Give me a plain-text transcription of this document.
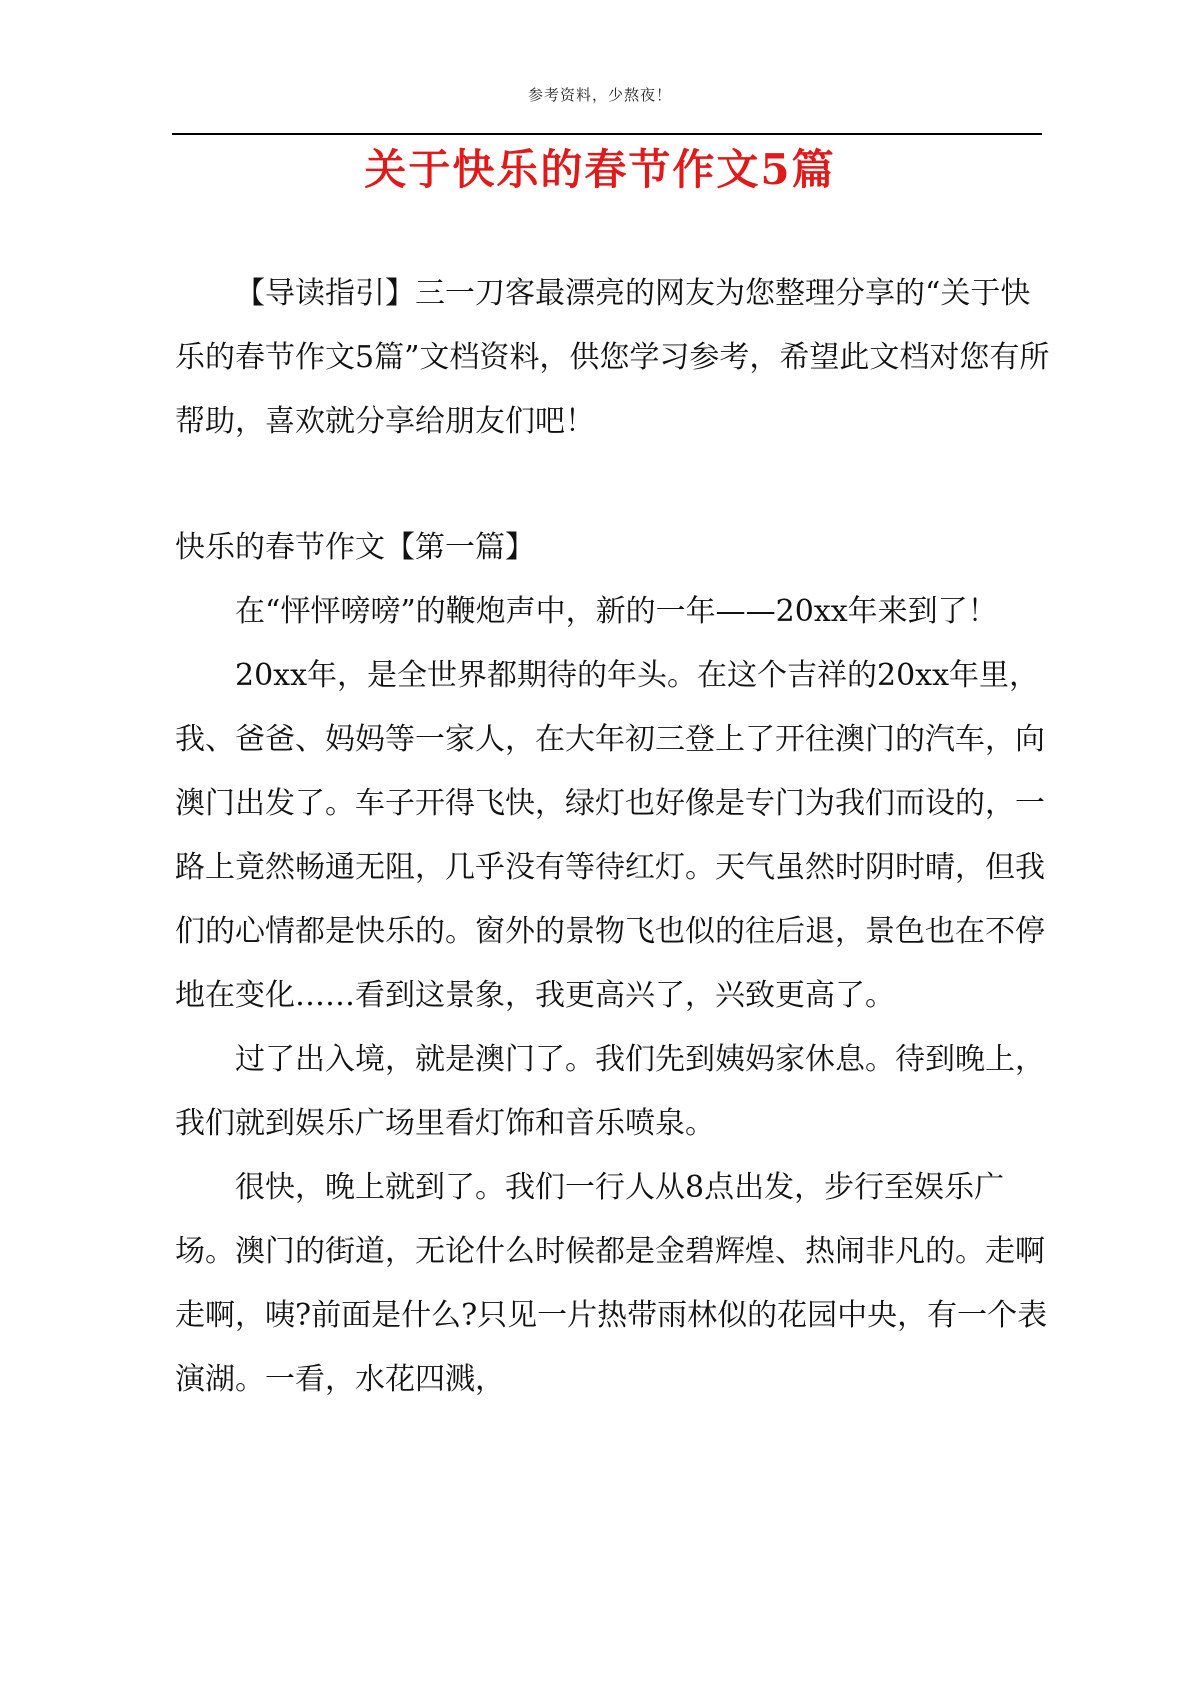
参考资料，少熬夜！
关于快乐的春节作文5篇

【导读指引】三一刀客最漂亮的网友为您整理分享的“关于快乐的春节作文5篇”文档资料，供您学习参考，希望此文档对您有所帮助，喜欢就分享给朋友们吧！

快乐的春节作文【第一篇】

在“怦怦嗙嗙”的鞭炮声中，新的一年——20xx年来到了！

20xx年，是全世界都期待的年头。在这个吉祥的20xx年里，我、爸爸、妈妈等一家人，在大年初三登上了开往澳门的汽车，向澳门出发了。车子开得飞快，绿灯也好像是专门为我们而设的，一路上竟然畅通无阻，几乎没有等待红灯。天气虽然时阴时晴，但我们的心情都是快乐的。窗外的景物飞也似的往后退，景色也在不停地在变化……看到这景象，我更高兴了，兴致更高了。

过了出入境，就是澳门了。我们先到姨妈家休息。待到晚上，我们就到娱乐广场里看灯饰和音乐喷泉。

很快，晚上就到了。我们一行人从8点出发，步行至娱乐广场。澳门的街道，无论什么时候都是金碧辉煌、热闹非凡的。走啊走啊，咦?前面是什么?只见一片热带雨林似的花园中央，有一个表演湖。一看，水花四溅，
